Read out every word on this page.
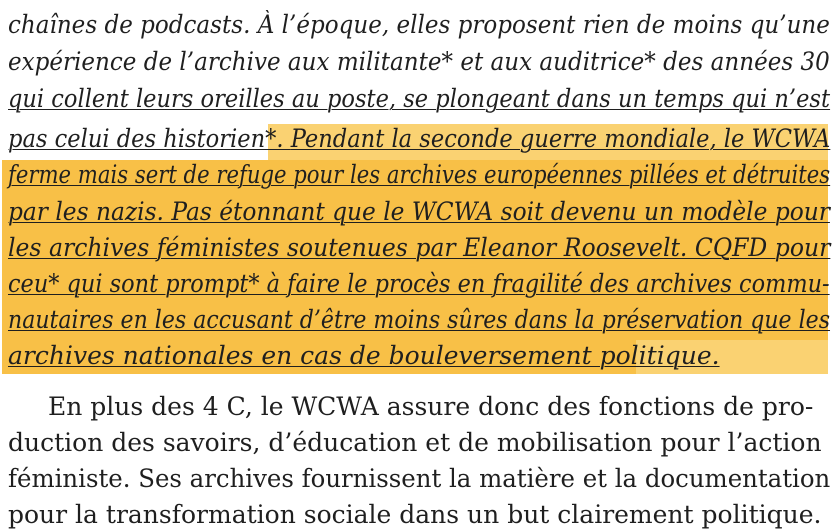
chaînes de podcasts. À l’époque, elles proposent rien de moins qu’une
expérience de l’archive aux militante* et aux auditrice* des années 30
qui collent leurs oreilles au poste, se plongeant dans un temps qui n’est
pas celui des historien*. Pendant la seconde guerre mondiale, le WCWA
ferme mais sert de refuge pour les archives européennes pillées et détruites
par les nazis. Pas étonnant que le WCWA soit devenu un modèle pour
les archives féministes soutenues par Eleanor Roosevelt. CQFD pour
ceu* qui sont prompt* à faire le procès en fragilité des archives commu-
nautaires en les accusant d’être moins sûres dans la préservation que les
archives nationales en cas de bouleversement politique.
En plus des 4 C, le WCWA assure donc des fonctions de pro-
duction des savoirs, d’éducation et de mobilisation pour l’action
féministe. Ses archives fournissent la matière et la documentation
pour la transformation sociale dans un but clairement politique.
